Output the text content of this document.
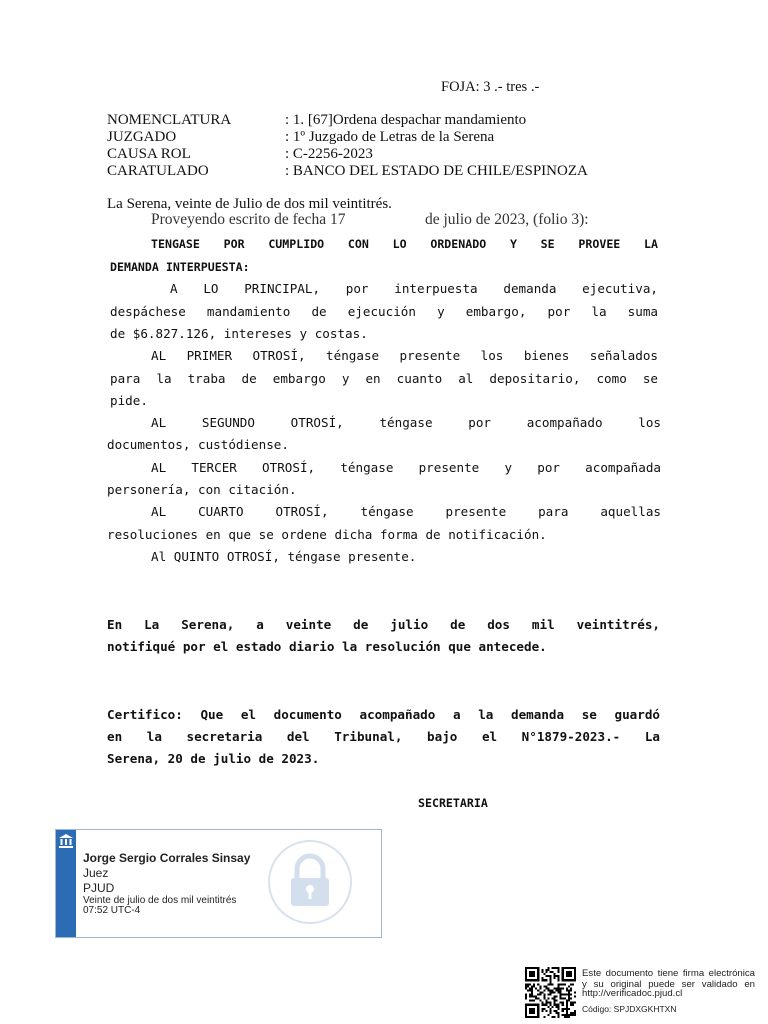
FOJA: 3 .- tres .-
NOMENCLATURA	: 1. [67]Ordena despachar mandamiento
JUZGADO	: 1º Juzgado de Letras de la Serena
CAUSA ROL	: C-2256-2023
CARATULADO	: BANCO DEL ESTADO DE CHILE/ESPINOZA
La Serena, veinte de Julio de dos mil veintitrés.
Proveyendo escrito de fecha 17	de julio de 2023, (folio 3):
TENGASE POR CUMPLIDO CON LO ORDENADO Y SE PROVEE LA
DEMANDA INTERPUESTA:
A LO PRINCIPAL, por interpuesta demanda ejecutiva,
despáchese mandamiento de ejecución y embargo, por la suma
de $6.827.126, intereses y costas.
AL PRIMER OTROSÍ, téngase presente los bienes señalados
para la traba de embargo y en cuanto al depositario, como se
pide.
AL SEGUNDO OTROSÍ, téngase por acompañado los
documentos, custódiense.
AL TERCER OTROSÍ, téngase presente y por acompañada
personería, con citación.
AL CUARTO OTROSÍ, téngase presente para aquellas
resoluciones en que se ordene dicha forma de notificación.
Al QUINTO OTROSÍ, téngase presente.
En La Serena, a veinte de julio de dos mil veintitrés,
notifiqué por el estado diario la resolución que antecede.
Certifico: Que el documento acompañado a la demanda se guardó
en la secretaria del Tribunal, bajo el N°1879-2023.- La
Serena, 20 de julio de 2023.
SECRETARIA
Jorge Sergio Corrales Sinsay
Juez
PJUD
Veinte de julio de dos mil veintitrés
07:52 UTC-4
Este documento tiene firma electrónica
y su original puede ser validado en
http://verificadoc.pjud.cl
Código: SPJDXGKHTXN
